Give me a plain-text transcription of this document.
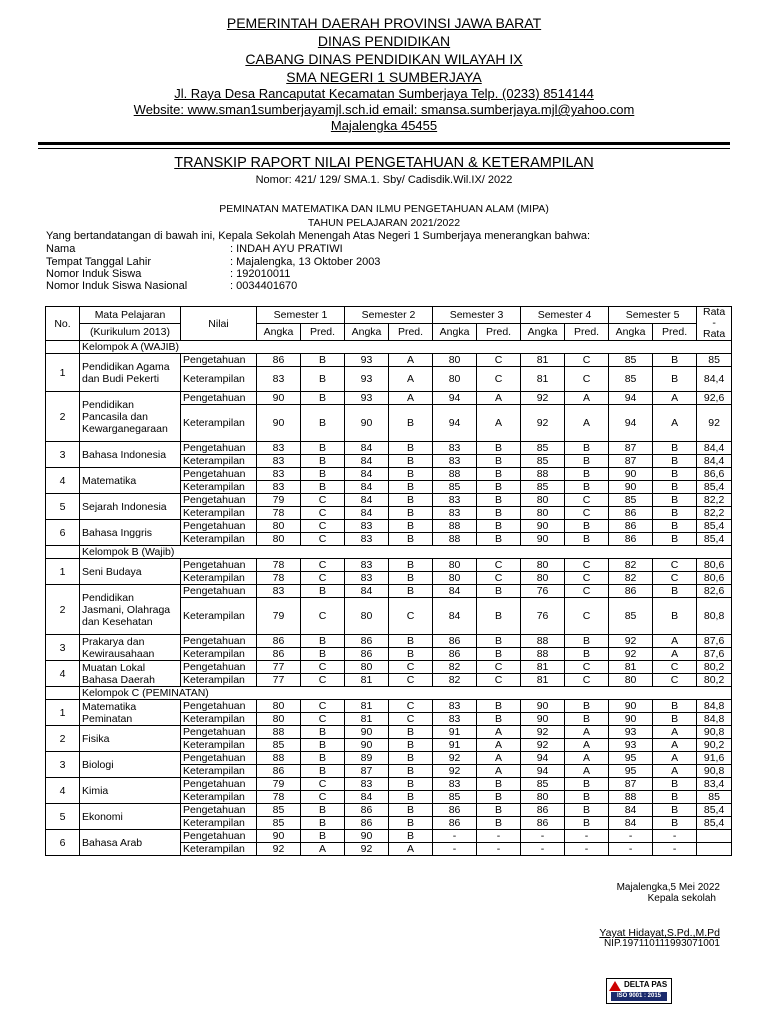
PEMERINTAH DAERAH PROVINSI JAWA BARAT
DINAS PENDIDIKAN
CABANG DINAS PENDIDIKAN WILAYAH IX
SMA NEGERI 1 SUMBERJAYA
Jl. Raya Desa Rancaputat Kecamatan Sumberjaya Telp. (0233) 8514144
Website: www.sman1sumberjayamjl.sch.id email: smansa.sumberjaya.mjl@yahoo.com
Majalengka 45455
TRANSKIP RAPORT NILAI PENGETAHUAN & KETERAMPILAN
Nomor: 421/ 129/ SMA.1. Sby/ Cadisdik.Wil.IX/ 2022
PEMINATAN MATEMATIKA DAN ILMU PENGETAHUAN ALAM (MIPA)
TAHUN PELAJARAN 2021/2022
Yang bertandatangan di bawah ini, Kepala Sekolah Menengah Atas Negeri 1 Sumberjaya menerangkan bahwa:
Nama	: INDAH AYU PRATIWI
Tempat Tanggal Lahir	: Majalengka, 13 Oktober 2003
Nomor Induk Siswa	: 192010011
Nomor Induk Siswa Nasional	: 0034401670
No.	Mata Pelajaran	Nilai	Semester 1		Semester 2		Semester 3		Semester 4		Semester 5		Rata
-
Rata
	(Kurikulum 2013)		Angka	Pred.	Angka	Pred.	Angka	Pred.	Angka	Pred.	Angka	Pred.	
	Kelompok A (WAJIB)												
1	Pendidikan Agama dan Budi Pekerti	Pengetahuan	86	B	93	A	80	C	81	C	85	B	85
		Keterampilan	83	B	93	A	80	C	81	C	85	B	84,4
2	Pendidikan Pancasila dan Kewarganegaraan	Pengetahuan	90	B	93	A	94	A	92	A	94	A	92,6
		Keterampilan	90	B	90	B	94	A	92	A	94	A	92
3	Bahasa Indonesia	Pengetahuan	83	B	84	B	83	B	85	B	87	B	84,4
		Keterampilan	83	B	84	B	83	B	85	B	87	B	84,4
4	Matematika	Pengetahuan	83	B	84	B	88	B	88	B	90	B	86,6
		Keterampilan	83	B	84	B	85	B	85	B	90	B	85,4
5	Sejarah Indonesia	Pengetahuan	79	C	84	B	83	B	80	C	85	B	82,2
		Keterampilan	78	C	84	B	83	B	80	C	86	B	82,2
6	Bahasa Inggris	Pengetahuan	80	C	83	B	88	B	90	B	86	B	85,4
		Keterampilan	80	C	83	B	88	B	90	B	86	B	85,4
	Kelompok B (Wajib)												
1	Seni Budaya	Pengetahuan	78	C	83	B	80	C	80	C	82	C	80,6
		Keterampilan	78	C	83	B	80	C	80	C	82	C	80,6
2	Pendidikan Jasmani, Olahraga dan Kesehatan	Pengetahuan	83	B	84	B	84	B	76	C	86	B	82,6
		Keterampilan	79	C	80	C	84	B	76	C	85	B	80,8
3	Prakarya dan Kewirausahaan	Pengetahuan	86	B	86	B	86	B	88	B	92	A	87,6
		Keterampilan	86	B	86	B	86	B	88	B	92	A	87,6
4	Muatan Lokal Bahasa Daerah	Pengetahuan	77	C	80	C	82	C	81	C	81	C	80,2
		Keterampilan	77	C	81	C	82	C	81	C	80	C	80,2
	Kelompok C (PEMINATAN)												
1	Matematika Peminatan	Pengetahuan	80	C	81	C	83	B	90	B	90	B	84,8
		Keterampilan	80	C	81	C	83	B	90	B	90	B	84,8
2	Fisika	Pengetahuan	88	B	90	B	91	A	92	A	93	A	90,8
		Keterampilan	85	B	90	B	91	A	92	A	93	A	90,2
3	Biologi	Pengetahuan	88	B	89	B	92	A	94	A	95	A	91,6
		Keterampilan	86	B	87	B	92	A	94	A	95	A	90,8
4	Kimia	Pengetahuan	79	C	83	B	83	B	85	B	87	B	83,4
		Keterampilan	78	C	84	B	85	B	80	B	88	B	85
5	Ekonomi	Pengetahuan	85	B	86	B	86	B	86	B	84	B	85,4
		Keterampilan	85	B	86	B	86	B	86	B	84	B	85,4
6	Bahasa Arab	Pengetahuan	90	B	90	B	-	-	-	-	-	-	
		Keterampilan	92	A	92	A	-	-	-	-	-	-	
Majalengka,5 Mei 2022
Kepala sekolah
Yayat Hidayat,S.Pd.,M.Pd
NIP.197110111993071001
DELTA PAS
ISO 9001 : 2015
